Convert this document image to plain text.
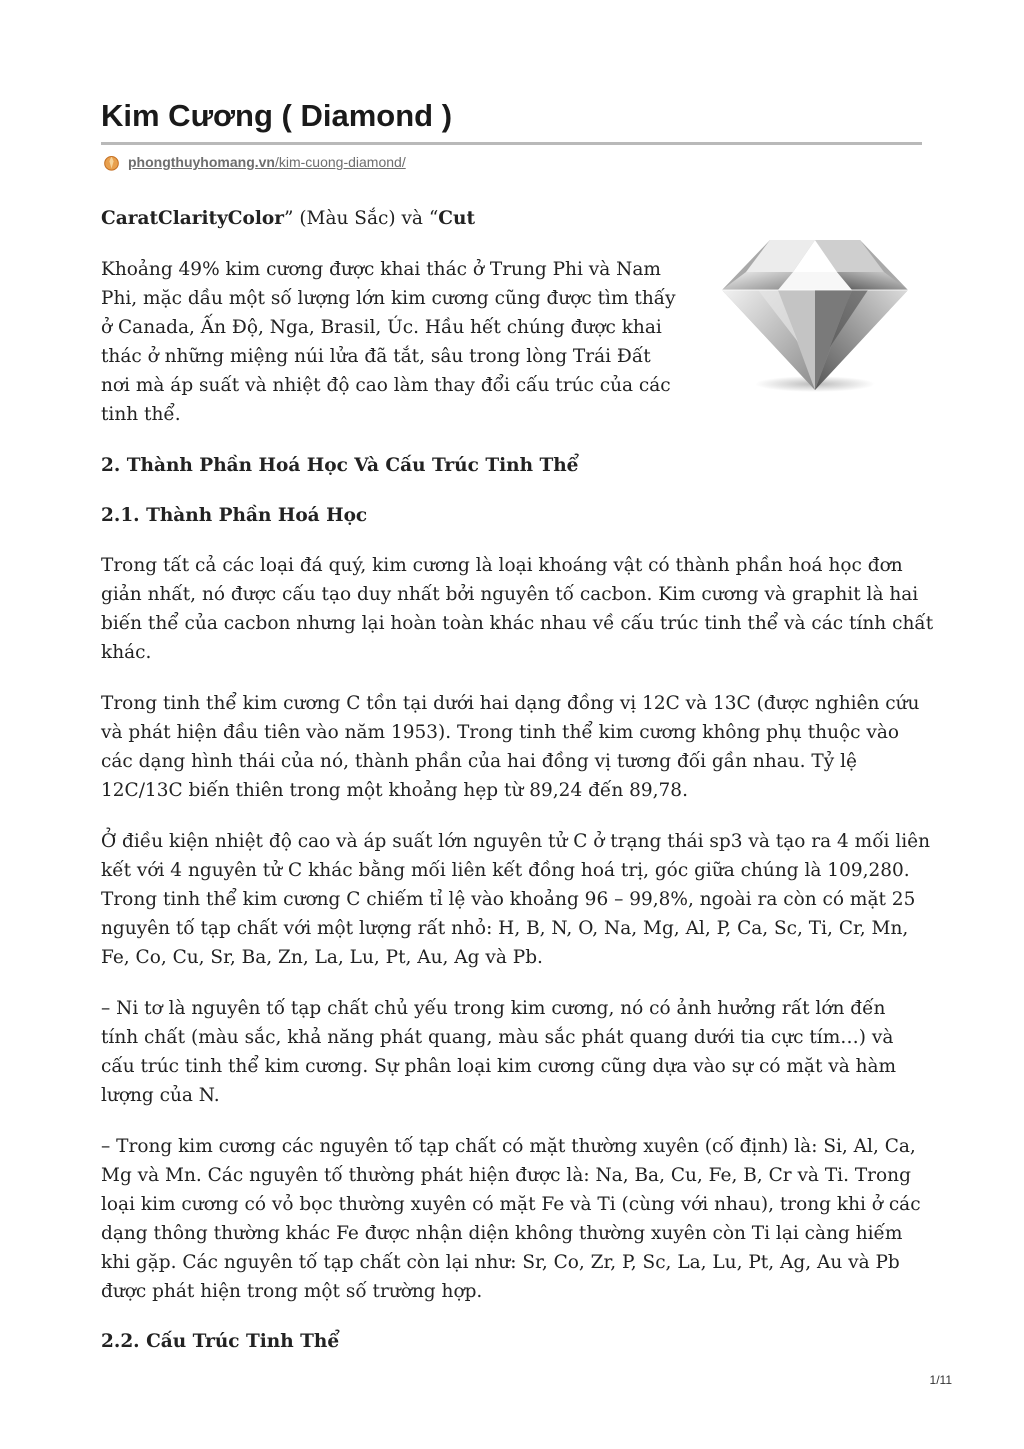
Kim Cương ( Diamond )
phongthuyhomang.vn /kim-cuong-diamond/

CaratClarityColor” (Màu Sắc) và “Cut

Khoảng 49% kim cương được khai thác ở Trung Phi và Nam

Phi, mặc dầu một số lượng lớn kim cương cũng được tìm thấy

ở Canada, Ấn Độ, Nga, Brasil, Úc. Hầu hết chúng được khai

thác ở những miệng núi lửa đã tắt, sâu trong lòng Trái Đất

nơi mà áp suất và nhiệt độ cao làm thay đổi cấu trúc của các

tinh thể.

2. Thành Phần Hoá Học Và Cấu Trúc Tinh Thể
2.1. Thành Phần Hoá Học

Trong tất cả các loại đá quý, kim cương là loại khoáng vật có thành phần hoá học đơn

giản nhất, nó được cấu tạo duy nhất bởi nguyên tố cacbon. Kim cương và graphit là hai

biến thể của cacbon nhưng lại hoàn toàn khác nhau về cấu trúc tinh thể và các tính chất

khác.

Trong tinh thể kim cương C tồn tại dưới hai dạng đồng vị 12C và 13C (được nghiên cứu

và phát hiện đầu tiên vào năm 1953). Trong tinh thể kim cương không phụ thuộc vào

các dạng hình thái của nó, thành phần của hai đồng vị tương đối gần nhau. Tỷ lệ

12C/13C biến thiên trong một khoảng hẹp từ 89,24 đến 89,78.

Ở điều kiện nhiệt độ cao và áp suất lớn nguyên tử C ở trạng thái sp3 và tạo ra 4 mối liên

kết với 4 nguyên tử C khác bằng mối liên kết đồng hoá trị, góc giữa chúng là 109,280.

Trong tinh thể kim cương C chiếm tỉ lệ vào khoảng 96 – 99,8%, ngoài ra còn có mặt 25

nguyên tố tạp chất với một lượng rất nhỏ: H, B, N, O, Na, Mg, Al, P, Ca, Sc, Ti, Cr, Mn,

Fe, Co, Cu, Sr, Ba, Zn, La, Lu, Pt, Au, Ag và Pb.

– Ni tơ là nguyên tố tạp chất chủ yếu trong kim cương, nó có ảnh hưởng rất lớn đến

tính chất (màu sắc, khả năng phát quang, màu sắc phát quang dưới tia cực tím…) và

cấu trúc tinh thể kim cương. Sự phân loại kim cương cũng dựa vào sự có mặt và hàm

lượng của N.

– Trong kim cương các nguyên tố tạp chất có mặt thường xuyên (cố định) là: Si, Al, Ca,

Mg và Mn. Các nguyên tố thường phát hiện được là: Na, Ba, Cu, Fe, B, Cr và Ti. Trong

loại kim cương có vỏ bọc thường xuyên có mặt Fe và Ti (cùng với nhau), trong khi ở các

dạng thông thường khác Fe được nhận diện không thường xuyên còn Ti lại càng hiếm

khi gặp. Các nguyên tố tạp chất còn lại như: Sr, Co, Zr, P, Sc, La, Lu, Pt, Ag, Au và Pb

được phát hiện trong một số trường hợp.

2.2. Cấu Trúc Tinh Thể
1/11
